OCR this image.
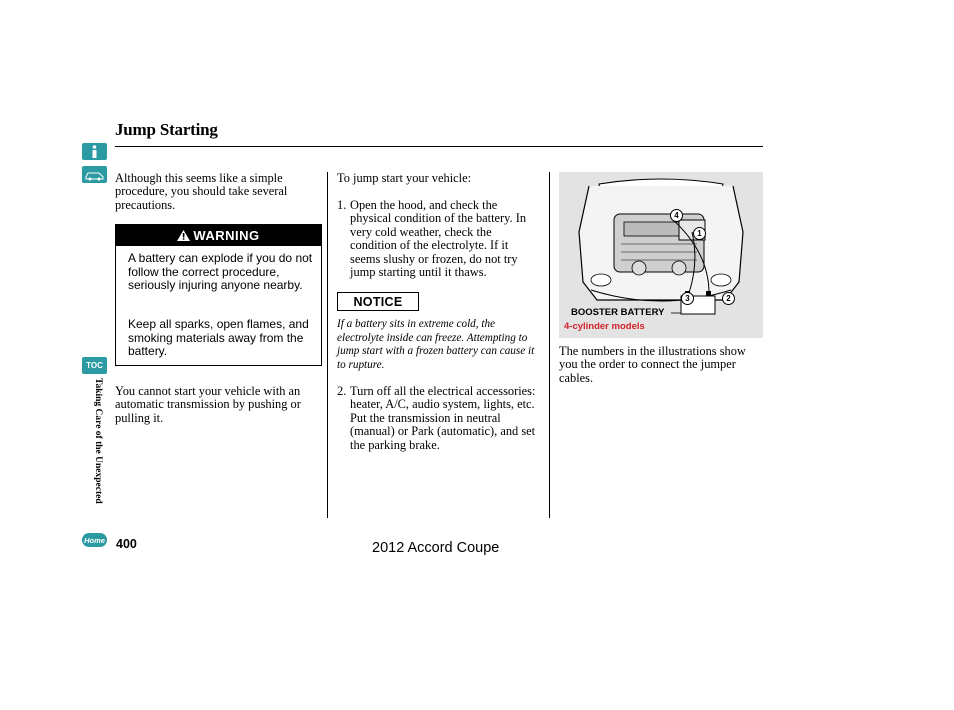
Jump Starting
TOC
Taking Care of the Unexpected
Home
Although this seems like a simple procedure, you should take several precautions.
WARNING
A battery can explode if you do not follow the correct procedure, seriously injuring anyone nearby.
Keep all sparks, open flames, and smoking materials away from the battery.
You cannot start your vehicle with an automatic transmission by pushing or pulling it.
To jump start your vehicle:
1. Open the hood, and check the physical condition of the battery. In very cold weather, check the condition of the electrolyte. If it seems slushy or frozen, do not try jump starting until it thaws.
NOTICE
If a battery sits in extreme cold, the electrolyte inside can freeze. Attempting to jump start with a frozen battery can cause it to rupture.
2. Turn off all the electrical accessories: heater, A/C, audio system, lights, etc. Put the transmission in neutral (manual) or Park (automatic), and set the parking brake.
4
1
3	2
BOOSTER BATTERY
4-cylinder models
The numbers in the illustrations show you the order to connect the jumper cables.
400	2012 Accord Coupe
